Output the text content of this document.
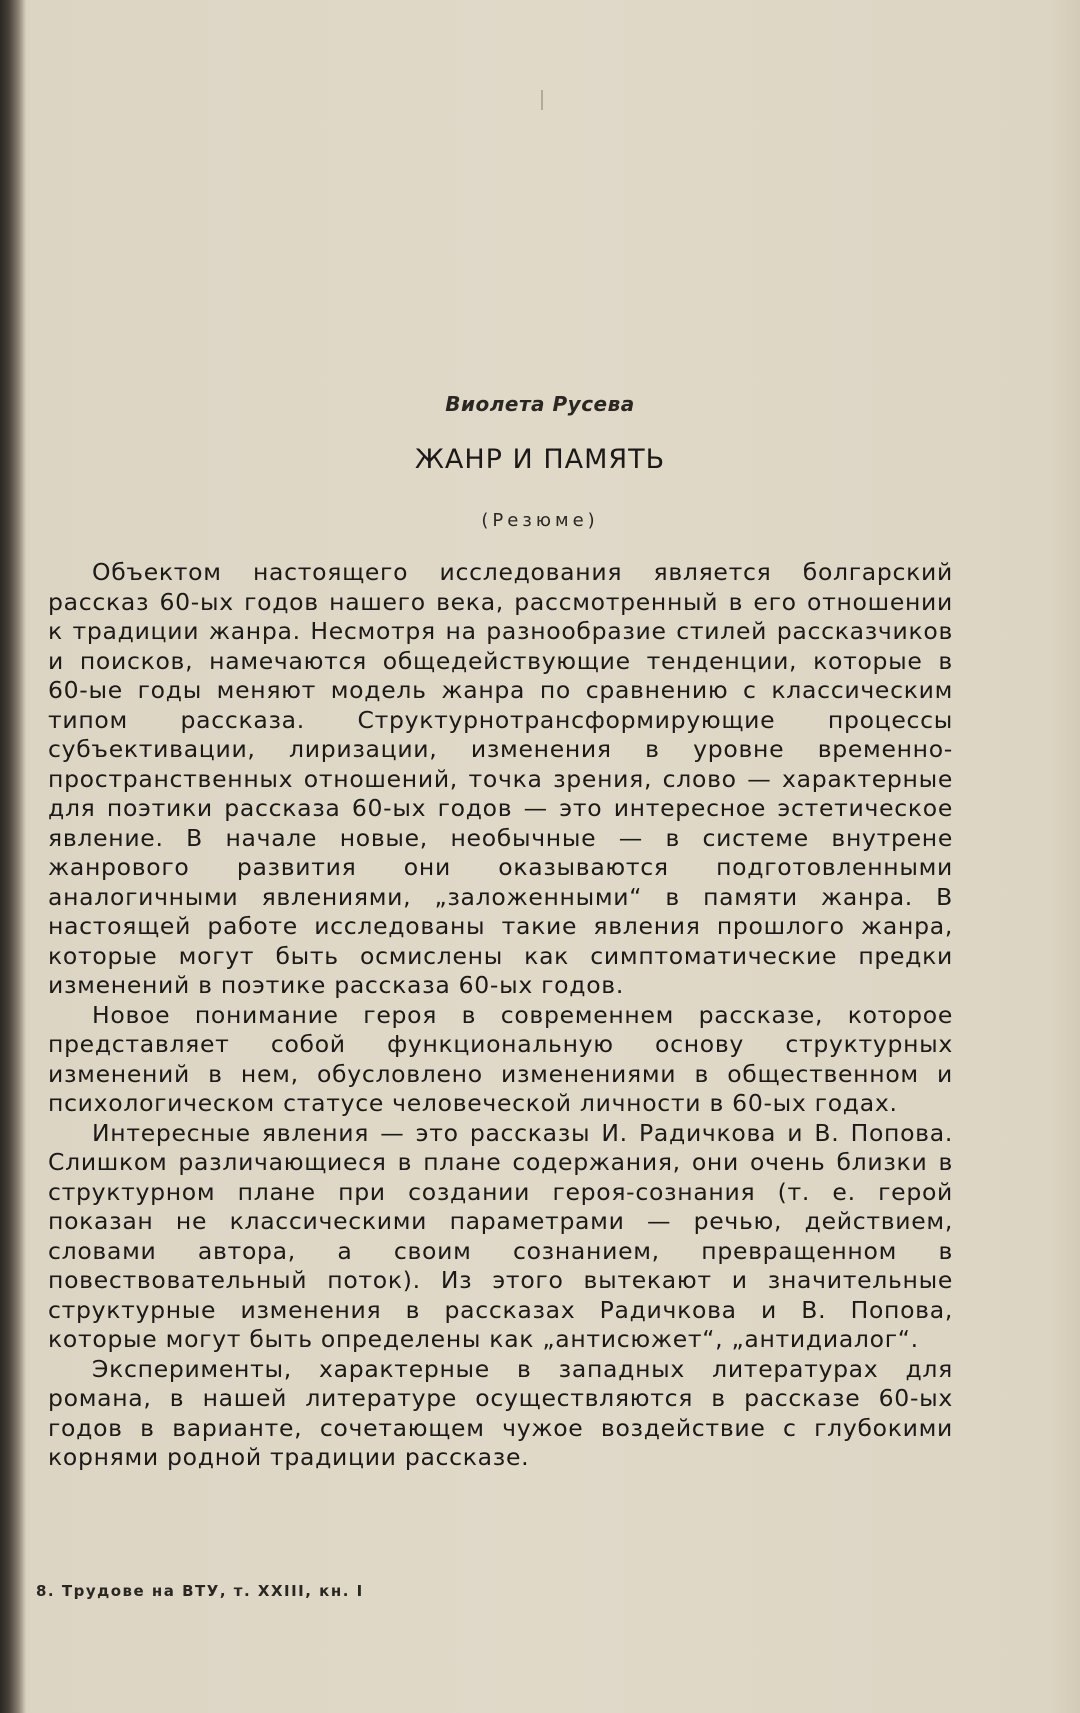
Виолета Русева
ЖАНР И ПАМЯТЬ
(Резюме)

Объектом настоящего исследования является болгарский рассказ 60-ых годов нашего века, рассмотренный в его отношении к традиции жанра. Несмотря на разнообразие стилей рассказчиков и поисков, намечаются общедействующие тенденции, которые в 60-ые годы меняют модель жанра по сравнению с классическим типом рассказа. Структурнотрансформирующие процессы субъективации, лиризации, изменения в уровне временно-пространственных отношений, точка зрения, слово — характерные для поэтики рассказа 60-ых годов — это интересное эстетическое явление. В начале новые, необычные — в системе внутрене жанрового развития они оказываются подготовленными аналогичными явлениями, „заложенными“ в памяти жанра. В настоящей работе исследованы такие явления прошлого жанра, которые могут быть осмислены как симптоматические предки изменений в поэтике рассказа 60-ых годов.

Новое понимание героя в современнем рассказе, которое представляет собой функциональную основу структурных изменений в нем, обусловлено изменениями в общественном и психологическом статусе человеческой личности в 60-ых годах.

Интересные явления — это рассказы И. Радичкова и В. Попова. Слишком различающиеся в плане содержания, они очень близки в структурном плане при создании героя-сознания (т. е. герой показан не классическими параметрами — речью, действием, словами автора, а своим сознанием, превращенном в повествовательный поток). Из этого вытекают и значительные структурные изменения в рассказах Радичкова и В. Попова, которые могут быть определены как „антисюжет“, „антидиалог“.

Эксперименты, характерные в западных литературах для романа, в нашей литературе осуществляются в рассказе 60-ых годов в варианте, сочетающем чужое воздействие с глубокими корнями родной традиции рассказе.

8. Трудове на ВТУ, т. XXIII, кн. I
